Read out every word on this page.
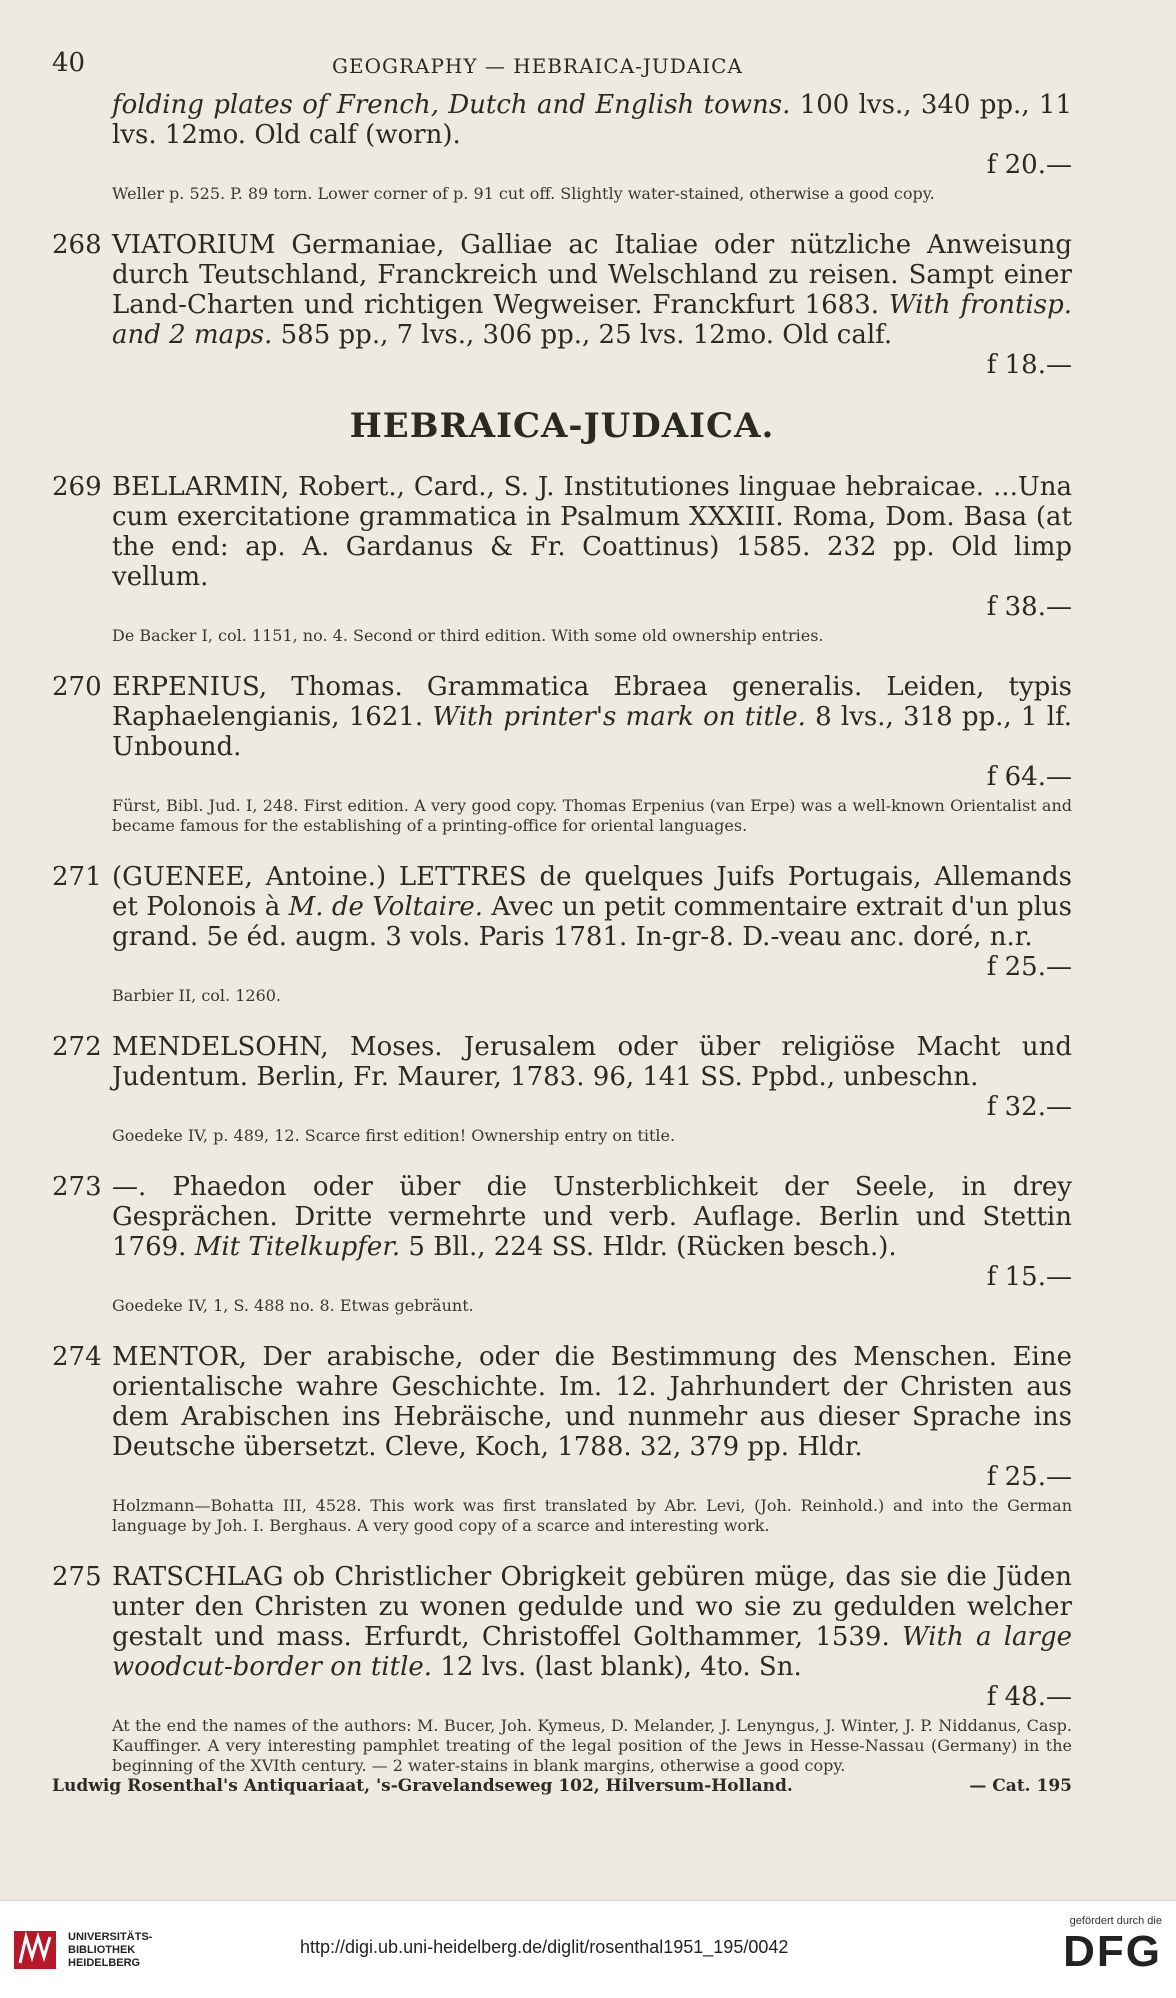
40	GEOGRAPHY — HEBRAICA-JUDAICA
folding plates of French, Dutch and English towns. 100 lvs., 340 pp., 11 lvs. 12mo. Old calf (worn).
f 20.—
Weller p. 525. P. 89 torn. Lower corner of p. 91 cut off. Slightly water-stained, otherwise a good copy.
268 VIATORIUM Germaniae, Galliae ac Italiae oder nützliche Anweisung durch Teutschland, Franckreich und Welschland zu reisen. Sampt einer Land-Charten und richtigen Wegweiser. Franckfurt 1683. With frontisp. and 2 maps. 585 pp., 7 lvs., 306 pp., 25 lvs. 12mo. Old calf.
f 18.—
HEBRAICA-JUDAICA.
269 BELLARMIN, Robert., Card., S. J. Institutiones linguae hebraicae. ...Una cum exercitatione grammatica in Psalmum XXXIII. Roma, Dom. Basa (at the end: ap. A. Gardanus & Fr. Coattinus) 1585. 232 pp. Old limp vellum.
f 38.—
De Backer I, col. 1151, no. 4. Second or third edition. With some old ownership entries.
270 ERPENIUS, Thomas. Grammatica Ebraea generalis. Leiden, typis Raphaelengianis, 1621. With printer's mark on title. 8 lvs., 318 pp., 1 lf. Unbound.
f 64.—
Fürst, Bibl. Jud. I, 248. First edition. A very good copy. Thomas Erpenius (van Erpe) was a well-known Orientalist and became famous for the establishing of a printing-office for oriental languages.
271 (GUENEE, Antoine.) LETTRES de quelques Juifs Portugais, Allemands et Polonois à M. de Voltaire. Avec un petit commentaire extrait d'un plus grand. 5e éd. augm. 3 vols. Paris 1781. In-gr-8. D.-veau anc. doré, n.r.
f 25.—
Barbier II, col. 1260.
272 MENDELSOHN, Moses. Jerusalem oder über religiöse Macht und Judentum. Berlin, Fr. Maurer, 1783. 96, 141 SS. Ppbd., unbeschn.
f 32.—
Goedeke IV, p. 489, 12. Scarce first edition! Ownership entry on title.
273 —. Phaedon oder über die Unsterblichkeit der Seele, in drey Gesprächen. Dritte vermehrte und verb. Auflage. Berlin und Stettin 1769. Mit Titelkupfer. 5 Bll., 224 SS. Hldr. (Rücken besch.).
f 15.—
Goedeke IV, 1, S. 488 no. 8. Etwas gebräunt.
274 MENTOR, Der arabische, oder die Bestimmung des Menschen. Eine orientalische wahre Geschichte. Im. 12. Jahrhundert der Christen aus dem Arabischen ins Hebräische, und nunmehr aus dieser Sprache ins Deutsche übersetzt. Cleve, Koch, 1788. 32, 379 pp. Hldr.
f 25.—
Holzmann—Bohatta III, 4528. This work was first translated by Abr. Levi, (Joh. Reinhold.) and into the German language by Joh. I. Berghaus. A very good copy of a scarce and interesting work.
275 RATSCHLAG ob Christlicher Obrigkeit gebüren müge, das sie die Jüden unter den Christen zu wonen gedulde und wo sie zu gedulden welcher gestalt und mass. Erfurdt, Christoffel Golthammer, 1539. With a large woodcut-border on title. 12 lvs. (last blank), 4to. Sn.
f 48.—
At the end the names of the authors: M. Bucer, Joh. Kymeus, D. Melander, J. Lenyngus, J. Winter, J. P. Niddanus, Casp. Kauffinger. A very interesting pamphlet treating of the legal position of the Jews in Hesse-Nassau (Germany) in the beginning of the XVIth century. — 2 water-stains in blank margins, otherwise a good copy.
Ludwig Rosenthal's Antiquariaat, 's-Gravelandseweg 102, Hilversum-Holland.	— Cat. 195
UNIVERSITÄTS-
BIBLIOTHEK
HEIDELBERG
http://digi.ub.uni-heidelberg.de/diglit/rosenthal1951_195/0042
gefördert durch die
DFG
